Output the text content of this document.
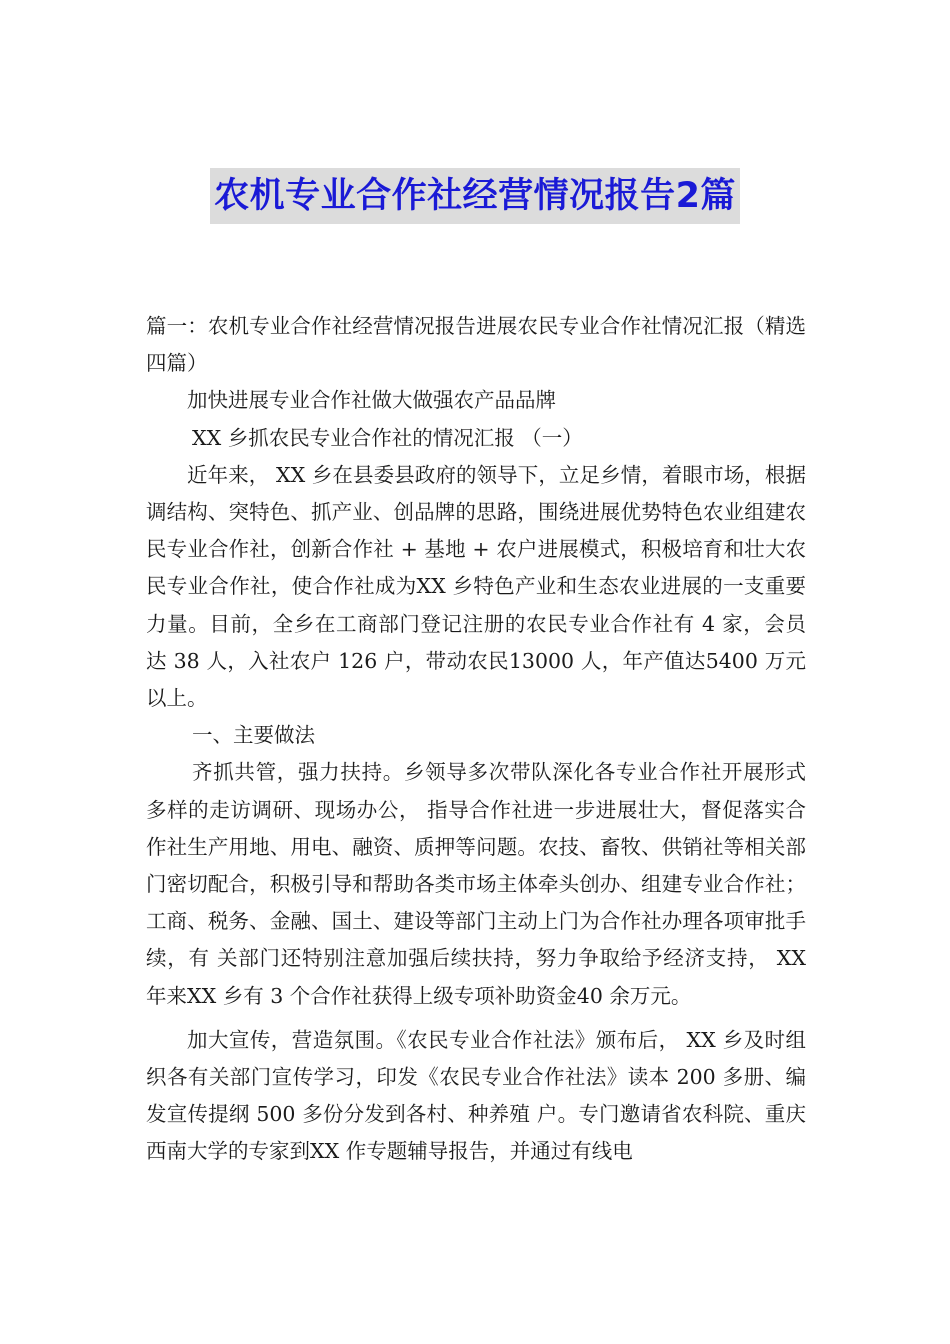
农机专业合作社经营情况报告2篇

篇一：农机专业合作社经营情况报告进展农民专业合作社情况汇报（精选四篇）

加快进展专业合作社做大做强农产品品牌

XX 乡抓农民专业合作社的情况汇报 （一）

近年来， XX 乡在县委县政府的领导下，立足乡情，着眼市场，根据调结构、突特色、抓产业、创品牌的思路，围绕进展优势特色农业组建农民专业合作社，创新合作社 + 基地 + 农户进展模式，积极培育和壮大农民专业合作社，使合作社成为XX 乡特色产业和生态农业进展的一支重要力量。目前，全乡在工商部门登记注册的农民专业合作社有 4 家，会员达 38 人，入社农户 126 户，带动农民13000 人，年产值达5400 万元以上。

一、主要做法

齐抓共管，强力扶持。乡领导多次带队深化各专业合作社开展形式多样的走访调研、现场办公， 指导合作社进一步进展壮大，督促落实合作社生产用地、用电、融资、质押等问题。农技、畜牧、供销社等相关部门密切配合，积极引导和帮助各类市场主体牵头创办、组建专业合作社；工商、税务、金融、国土、建设等部门主动上门为合作社办理各项审批手续，有 关部门还特别注意加强后续扶持，努力争取给予经济支持， XX 年来XX 乡有 3 个合作社获得上级专项补助资金40 余万元。

加大宣传，营造氛围。《农民专业合作社法》颁布后， XX 乡及时组织各有关部门宣传学习，印发《农民专业合作社法》读本 200 多册、编发宣传提纲 500 多份分发到各村、种养殖 户。专门邀请省农科院、重庆西南大学的专家到XX 作专题辅导报告，并通过有线电
